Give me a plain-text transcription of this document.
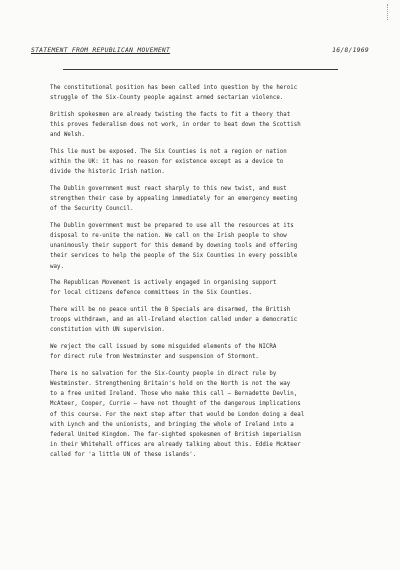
STATEMENT FROM REPUBLICAN MOVEMENT	16/8/1969
The constitutional position has been called into question by the heroic
struggle of the Six-County people against armed sectarian violence.
British spokesmen are already twisting the facts to fit a theory that
this proves federalism does not work, in order to beat down the Scottish
and Welsh.
This lie must be exposed. The Six Counties is not a region or nation
within the UK: it has no reason for existence except as a device to
divide the historic Irish nation.
The Dublin government must react sharply to this new twist, and must
strengthen their case by appealing immediately for an emergency meeting
of the Security Council.
The Dublin government must be prepared to use all the resources at its
disposal to re-unite the nation. We call on the Irish people to show
unanimously their support for this demand by downing tools and offering
their services to help the people of the Six Counties in every possible
way.
The Republican Movement is actively engaged in organising support
for local citizens defence committees in the Six Counties.
There will be no peace until the B Specials are disarmed, the British
troops withdrawn, and an all-Ireland election called under a democratic
constitution with UN supervision.
We reject the call issued by some misguided elements of the NICRA
for direct rule from Westminster and suspension of Stormont.
There is no salvation for the Six-County people in direct rule by
Westminster. Strengthening Britain's hold on the North is not the way
to a free united Ireland. Those who make this call — Bernadette Devlin,
McAteer, Cooper, Currie — have not thought of the dangerous implications
of this course. For the next step after that would be London doing a deal
with Lynch and the unionists, and bringing the whole of Ireland into a
federal United Kingdom. The far-sighted spokesmen of British imperialism
in their Whitehall offices are already talking about this. Eddie McAteer
called for 'a little UN of these islands'.
